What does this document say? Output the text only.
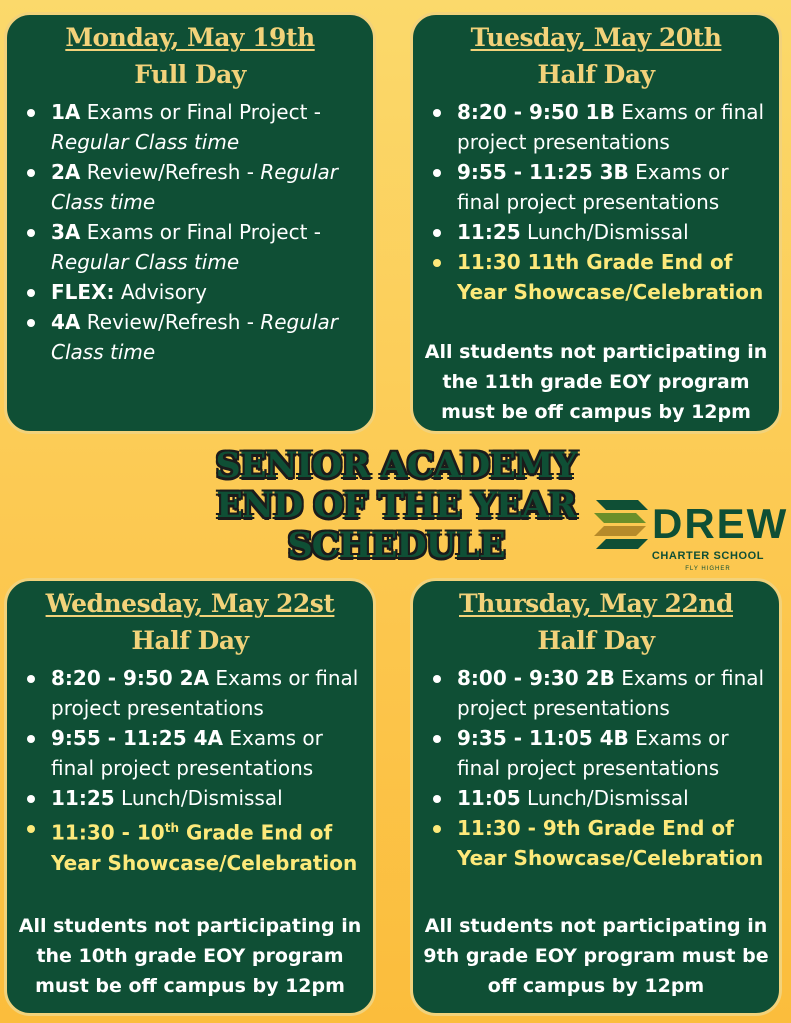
Monday, May 19th
Full Day
1A Exams or Final Project - Regular Class time
2A Review/Refresh - Regular Class time
3A Exams or Final Project - Regular Class time
FLEX: Advisory
4A Review/Refresh - Regular Class time
Tuesday, May 20th
Half Day
8:20 - 9:50 1B Exams or final project presentations
9:55 - 11:25 3B Exams or final project presentations
11:25 Lunch/Dismissal
11:30 11th Grade End of Year Showcase/Celebration
All students not participating in the 11th grade EOY program must be off campus by 12pm
SENIOR ACADEMY
END OF THE YEAR
SCHEDULE	DREW
CHARTER SCHOOL
FLY HIGHER
Wednesday, May 22st
Half Day
8:20 - 9:50 2A Exams or final project presentations
9:55 - 11:25 4A Exams or final project presentations
11:25 Lunch/Dismissal
11:30 - 10th Grade End of Year Showcase/Celebration
All students not participating in the 10th grade EOY program must be off campus by 12pm
Thursday, May 22nd
Half Day
8:00 - 9:30 2B Exams or final project presentations
9:35 - 11:05 4B Exams or final project presentations
11:05 Lunch/Dismissal
11:30 - 9th Grade End of Year Showcase/Celebration
All students not participating in 9th grade EOY program must be off campus by 12pm
